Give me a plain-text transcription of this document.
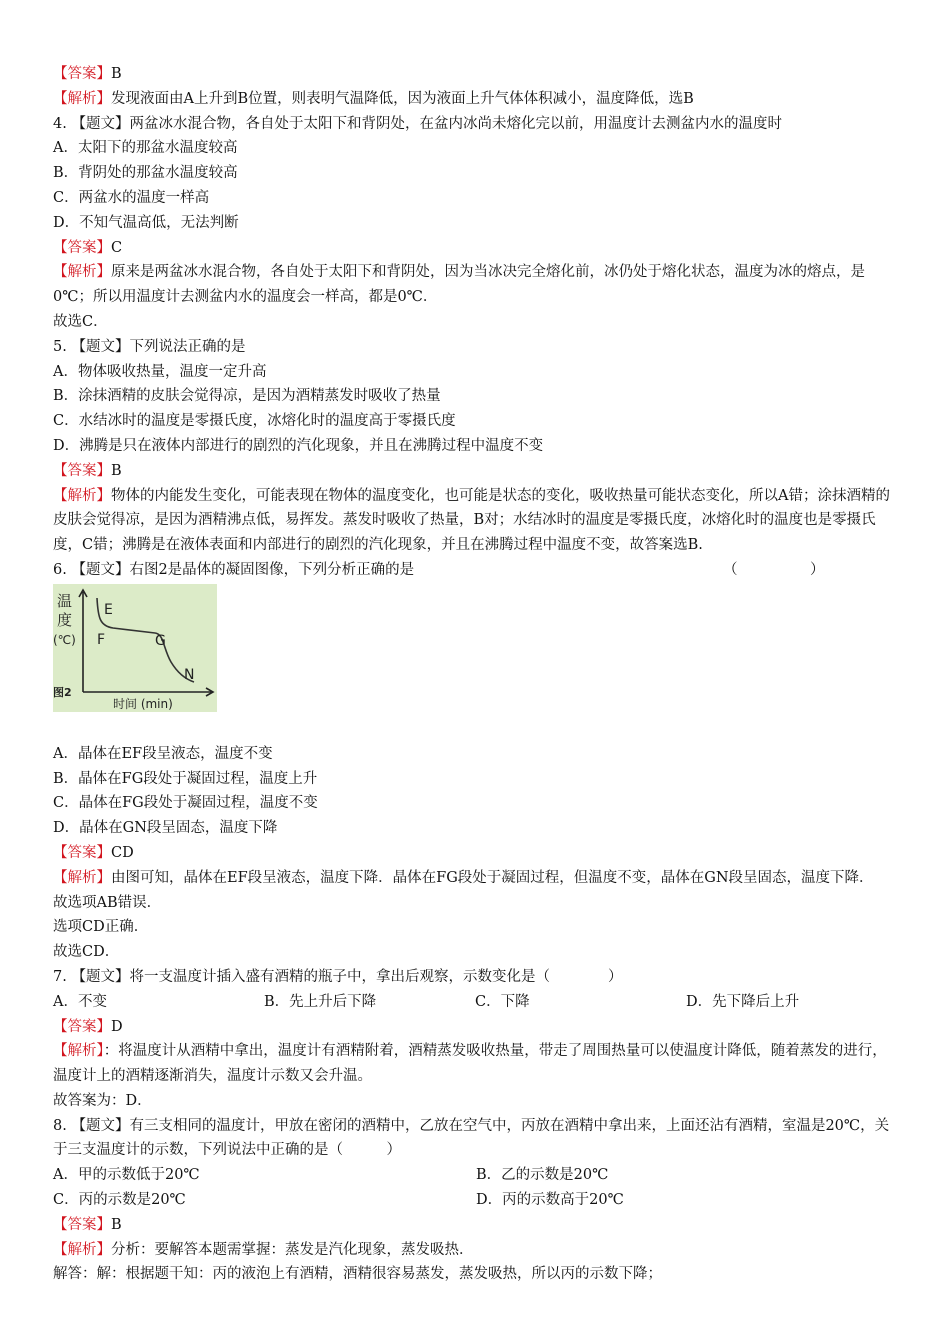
【答案】B
【解析】发现液面由A上升到B位置，则表明气温降低，因为液面上升气体体积减小，温度降低，选B
4. 【题文】两盆冰水混合物，各自处于太阳下和背阴处，在盆内冰尚未熔化完以前，用温度计去测盆内水的温度时
A．太阳下的那盆水温度较高
B．背阴处的那盆水温度较高
C．两盆水的温度一样高
D．不知气温高低，无法判断
【答案】C
【解析】原来是两盆冰水混合物，各自处于太阳下和背阴处，因为当冰决完全熔化前，冰仍处于熔化状态，温度为冰的熔点，是0℃；所以用温度计去测盆内水的温度会一样高，都是0℃．
故选C．
5. 【题文】下列说法正确的是
A．物体吸收热量，温度一定升高
B．涂抹酒精的皮肤会觉得凉，是因为酒精蒸发时吸收了热量
C．水结冰时的温度是零摄氏度，冰熔化时的温度高于零摄氏度
D．沸腾是只在液体内部进行的剧烈的汽化现象，并且在沸腾过程中温度不变
【答案】B
【解析】物体的内能发生变化，可能表现在物体的温度变化，也可能是状态的变化，吸收热量可能状态变化，所以A错；涂抹酒精的皮肤会觉得凉，是因为酒精沸点低，易挥发。蒸发时吸收了热量，B对；水结冰时的温度是零摄氏度，冰熔化时的温度也是零摄氏度，C错；沸腾是在液体表面和内部进行的剧烈的汽化现象，并且在沸腾过程中温度不变，故答案选B.
6. 【题文】右图2是晶体的凝固图像，下列分析正确的是	（　　　　　）
温
度
(℃)
E
F	G
N
图2
时间 (min)
A．晶体在EF段呈液态，温度不变
B．晶体在FG段处于凝固过程，温度上升
C．晶体在FG段处于凝固过程，温度不变
D．晶体在GN段呈固态，温度下降
【答案】CD
【解析】由图可知，晶体在EF段呈液态，温度下降．晶体在FG段处于凝固过程，但温度不变，晶体在GN段呈固态，温度下降．
故选项AB错误．
选项CD正确．
故选CD．
7. 【题文】将一支温度计插入盛有酒精的瓶子中，拿出后观察，示数变化是（　　　　）
A．不变	B．先上升后下降	C．下降	D．先下降后上升
【答案】D
【解析】：将温度计从酒精中拿出，温度计有酒精附着，酒精蒸发吸收热量，带走了周围热量可以使温度计降低，随着蒸发的进行，温度计上的酒精逐渐消失，温度计示数又会升温。
故答案为：D．
8. 【题文】有三支相同的温度计，甲放在密闭的酒精中，乙放在空气中，丙放在酒精中拿出来，上面还沾有酒精，室温是20℃，关于三支温度计的示数，下列说法中正确的是（　　　）
A．甲的示数低于20℃	B．乙的示数是20℃
C．丙的示数是20℃	D．丙的示数高于20℃
【答案】B
【解析】分析：要解答本题需掌握：蒸发是汽化现象，蒸发吸热．
解答：解：根据题干知：丙的液泡上有酒精，酒精很容易蒸发，蒸发吸热，所以丙的示数下降；
